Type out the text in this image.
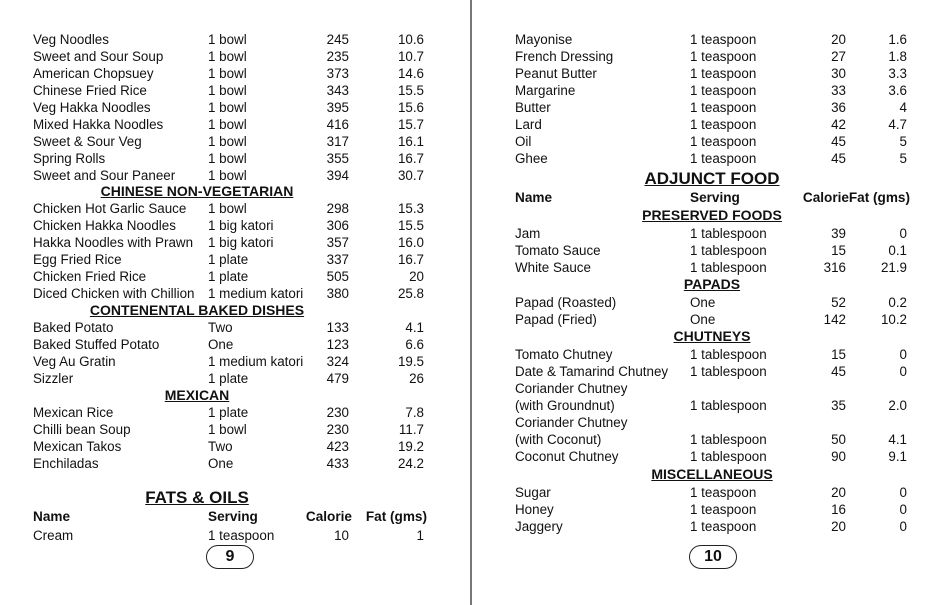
Veg Noodles	1 bowl	245	10.6
Sweet and Sour Soup	1 bowl	235	10.7
American Chopsuey	1 bowl	373	14.6
Chinese Fried Rice	1 bowl	343	15.5
Veg Hakka Noodles	1 bowl	395	15.6
Mixed Hakka Noodles	1 bowl	416	15.7
Sweet & Sour Veg	1 bowl	317	16.1
Spring Rolls	1 bowl	355	16.7
Sweet and Sour Paneer 1 bowl	394	30.7
CHINESE NON-VEGETARIAN
Chicken Hot Garlic Sauce 1 bowl	298	15.3
Chicken Hakka Noodles 1 big katori	306	15.5
Hakka Noodles with Prawn 1 big katori	357	16.0
Egg Fried Rice	1 plate	337	16.7
Chicken Fried Rice	1 plate	505	20
Diced Chicken with Chillion 1 medium katori 380	25.8
CONTENENTAL BAKED DISHES
Baked Potato	Two	133	4.1
Baked Stuffed Potato	One	123	6.6
Veg Au Gratin	1 medium katori 324	19.5
Sizzler	1 plate	479	26
MEXICAN
Mexican Rice	1 plate	230	7.8
Chilli bean Soup	1 bowl	230	11.7
Mexican Takos	Two	423	19.2
Enchiladas	One	433	24.2
FATS & OILS
Name	Serving	Calorie Fat (gms)
Cream	1 teaspoon	10	1
9
Mayonise	1 teaspoon	20	1.6
French Dressing	1 teaspoon	27	1.8
Peanut Butter	1 teaspoon	30	3.3
Margarine	1 teaspoon	33	3.6
Butter	1 teaspoon	36	4
Lard	1 teaspoon	42	4.7
Oil	1 teaspoon	45	5
Ghee	1 teaspoon	45	5
ADJUNCT FOOD
Name	Serving	Calorie Fat (gms)
PRESERVED FOODS
Jam	1 tablespoon	39	0
Tomato Sauce	1 tablespoon	15	0.1
White Sauce	1 tablespoon	316	21.9
PAPADS
Papad (Roasted)	One	52	0.2
Papad (Fried)	One	142	10.2
CHUTNEYS
Tomato Chutney	1 tablespoon	15	0
Date & Tamarind Chutney 1 tablespoon	45	0
Coriander Chutney
(with Groundnut)	1 tablespoon	35	2.0
Coriander Chutney
(with Coconut)	1 tablespoon	50	4.1
Coconut Chutney	1 tablespoon	90	9.1
MISCELLANEOUS
Sugar	1 teaspoon	20	0
Honey	1 teaspoon	16	0
Jaggery	1 teaspoon	20	0
10
